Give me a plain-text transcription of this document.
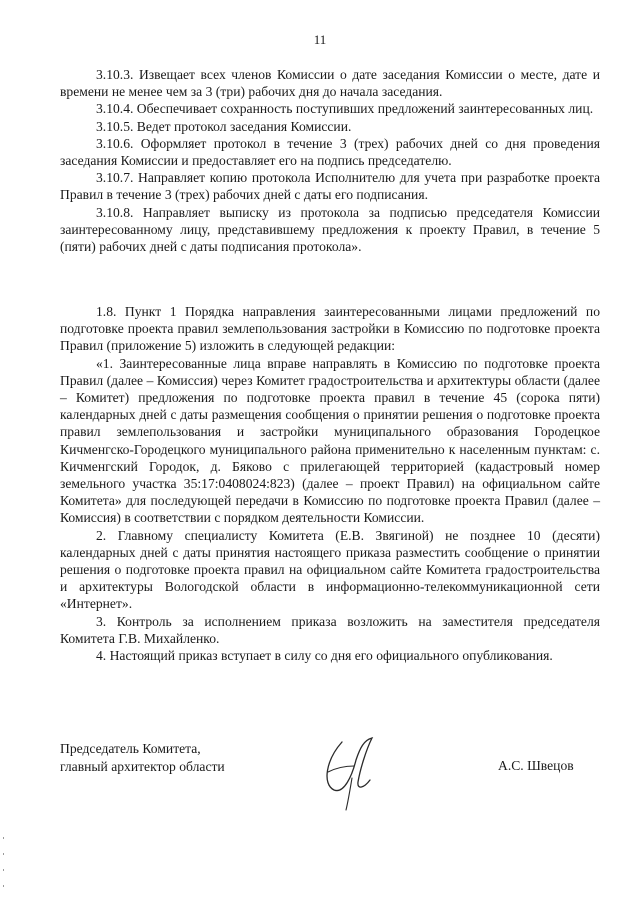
11

3.10.3. Извещает всех членов Комиссии о дате заседания Комиссии о месте, дате и времени не менее чем за 3 (три) рабочих дня до начала заседания.

3.10.4. Обеспечивает сохранность поступивших предложений заинтересованных лиц.

3.10.5. Ведет протокол заседания Комиссии.

3.10.6. Оформляет протокол в течение 3 (трех) рабочих дней со дня проведения заседания Комиссии и предоставляет его на подпись председателю.

3.10.7. Направляет копию протокола Исполнителю для учета при разработке проекта Правил в течение 3 (трех) рабочих дней с даты его подписания.

3.10.8. Направляет выписку из протокола за подписью председателя Комиссии заинтересованному лицу, представившему предложения к проекту Правил, в течение 5 (пяти) рабочих дней с даты подписания протокола».

1.8. Пункт 1 Порядка направления заинтересованными лицами предложений по подготовке проекта правил землепользования застройки в Комиссию по подготовке проекта Правил (приложение 5) изложить в следующей редакции:

«1. Заинтересованные лица вправе направлять в Комиссию по подготовке проекта Правил (далее – Комиссия) через Комитет градостроительства и архитектуры области (далее – Комитет) предложения по подготовке проекта правил в течение 45 (сорока пяти) календарных дней с даты размещения сообщения о принятии решения о подготовке проекта правил землепользования и застройки муниципального образования Городецкое Кичменгско-Городецкого муниципального района применительно к населенным пунктам: с. Кичменгский Городок, д. Бяково с прилегающей территорией (кадастровый номер земельного участка 35:17:0408024:823) (далее – проект Правил) на официальном сайте Комитета» для последующей передачи в Комиссию по подготовке проекта Правил (далее – Комиссия) в соответствии с порядком деятельности Комиссии.

2. Главному специалисту Комитета (Е.В. Звягиной) не позднее 10 (десяти) календарных дней с даты принятия настоящего приказа разместить сообщение о принятии решения о подготовке проекта правил на официальном сайте Комитета градостроительства и архитектуры Вологодской области в информационно-телекоммуникационной сети «Интернет».

3. Контроль за исполнением приказа возложить на заместителя председателя Комитета Г.В. Михайленко.

4. Настоящий приказ вступает в силу со дня его официального опубликования.

Председатель Комитета,
главный архитектор области	А.С. Швецов
